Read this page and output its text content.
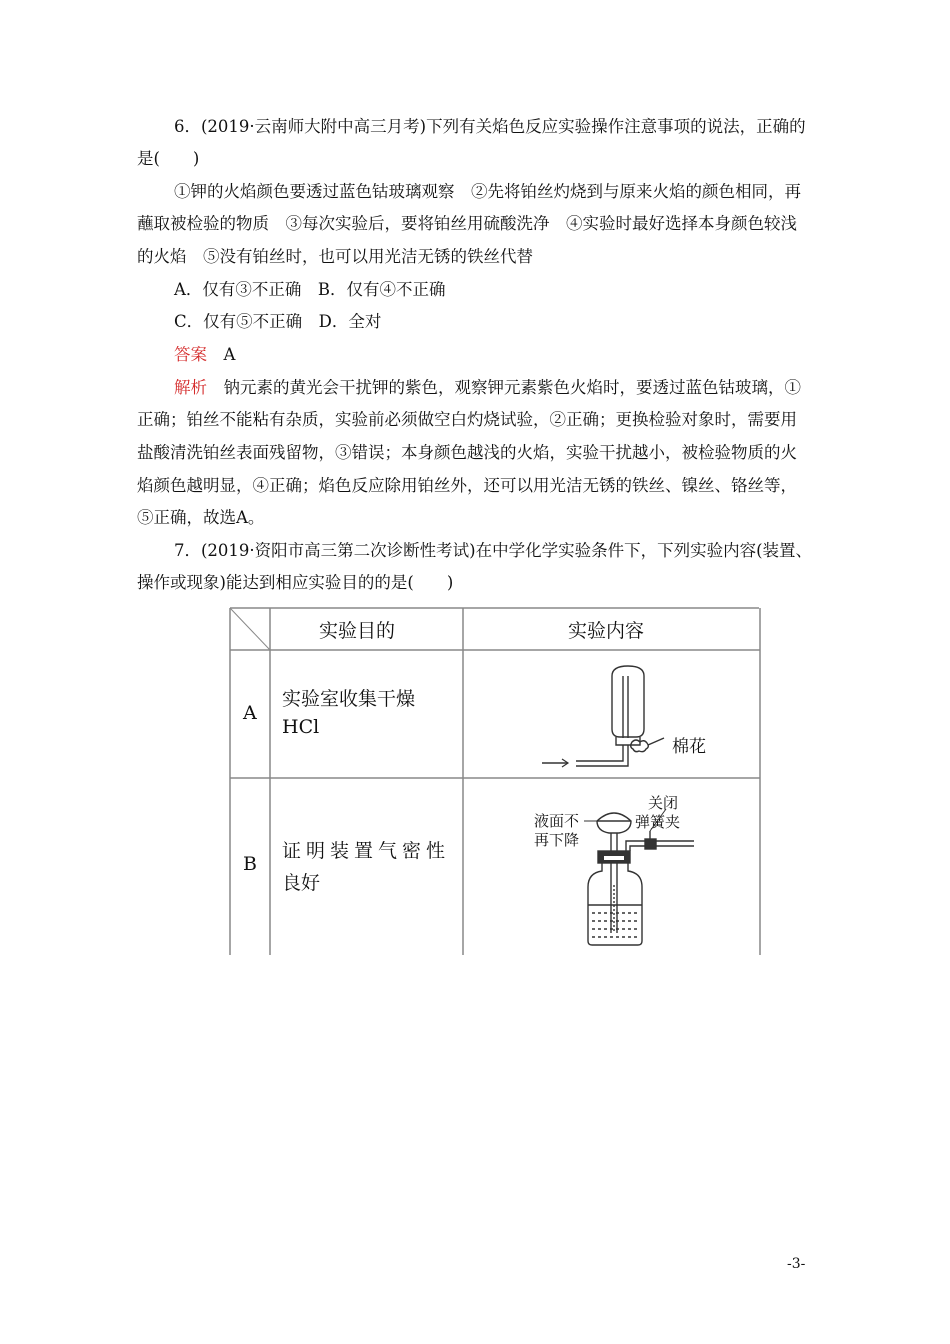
6．(2019·云南师大附中高三月考)下列有关焰色反应实验操作注意事项的说法，正确的
是(　　)
①钾的火焰颜色要透过蓝色钴玻璃观察　②先将铂丝灼烧到与原来火焰的颜色相同，再
蘸取被检验的物质　③每次实验后，要将铂丝用硫酸洗净　④实验时最好选择本身颜色较浅
的火焰　⑤没有铂丝时，也可以用光洁无锈的铁丝代替
A．仅有③不正确　B．仅有④不正确
C．仅有⑤不正确　D．全对
答案　 A
解析　 钠元素的黄光会干扰钾的紫色，观察钾元素紫色火焰时，要透过蓝色钴玻璃，①
正确；铂丝不能粘有杂质，实验前必须做空白灼烧试验，②正确；更换检验对象时，需要用
盐酸清洗铂丝表面残留物，③错误；本身颜色越浅的火焰，实验干扰越小，被检验物质的火
焰颜色越明显，④正确；焰色反应除用铂丝外，还可以用光洁无锈的铁丝、镍丝、铬丝等，
⑤正确，故选A。
7．(2019·资阳市高三第二次诊断性考试)在中学化学实验条件下，下列实验内容(装置、
操作或现象)能达到相应实验目的的是(　　)
实验目的	实验内容
A
实验室收集干燥
HCl
棉花
B
证明装置气密性
良好
液面不
再下降
关闭
弹簧夹
-3-
